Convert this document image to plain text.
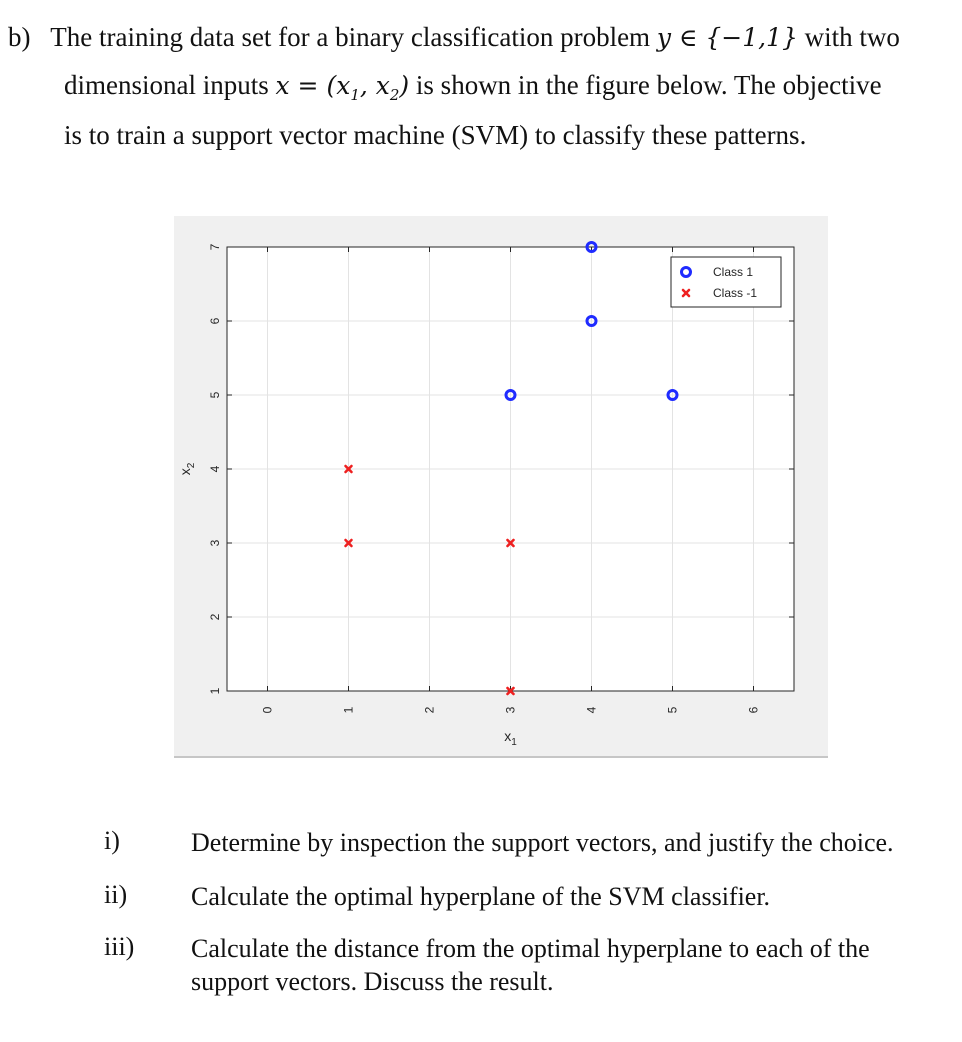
b) The training data set for a binary classification problem y ∈ {−1,1} with two
dimensional inputs $x = (x_1$, $x_2$) is shown in the figure below. The objective
is to train a support vector machine (SVM) to classify these patterns.
0	1	2	3	4	5	6
1
2
3
4
5
6
7
$x_1$
$x_2$
Class 1
Class -1
i)	Determine by inspection the support vectors, and justify the choice.
ii) Calculate the optimal hyperplane of the SVM classifier.
iii) Calculate the distance from the optimal hyperplane to each of the support vectors. Discuss the result.
